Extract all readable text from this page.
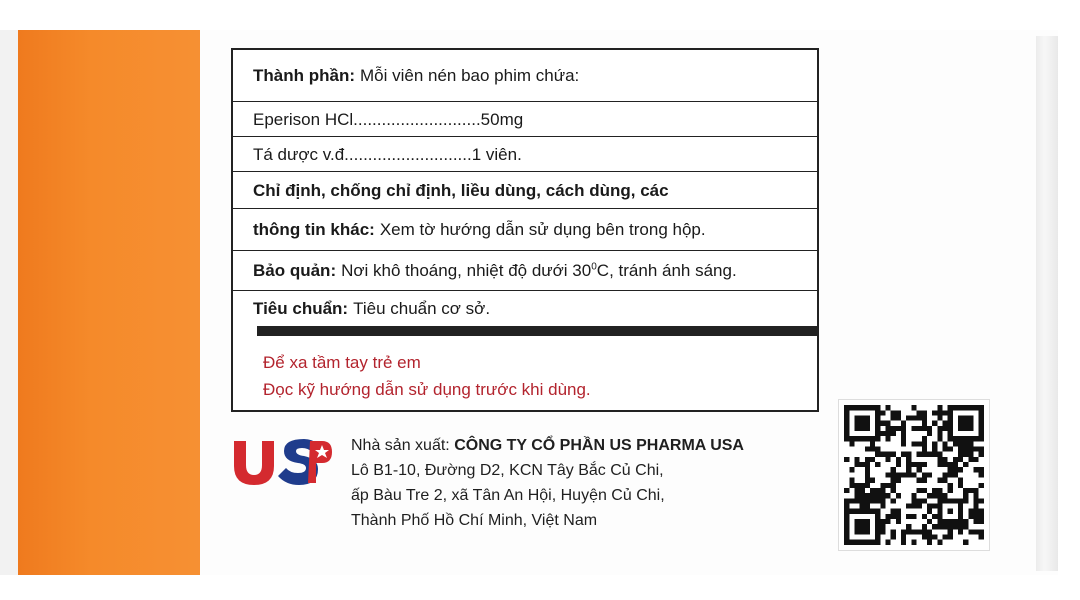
Thành phần: Mỗi viên nén bao phim chứa:
Eperison HCl...........................50mg
Tá dược v.đ...........................1 viên.
Chỉ định, chống chỉ định, liều dùng, cách dùng, các
thông tin khác: Xem tờ hướng dẫn sử dụng bên trong hộp.
Bảo quản: Nơi khô thoáng, nhiệt độ dưới $30^0C$, tránh ánh sáng.
Tiêu chuẩn: Tiêu chuẩn cơ sở.
Để xa tầm tay trẻ em
Đọc kỹ hướng dẫn sử dụng trước khi dùng.
Nhà sản xuất: CÔNG TY CỔ PHẦN US PHARMA USA
Lô B1-10, Đường D2, KCN Tây Bắc Củ Chi,
ấp Bàu Tre 2, xã Tân An Hội, Huyện Củ Chi,
Thành Phố Hồ Chí Minh, Việt Nam
